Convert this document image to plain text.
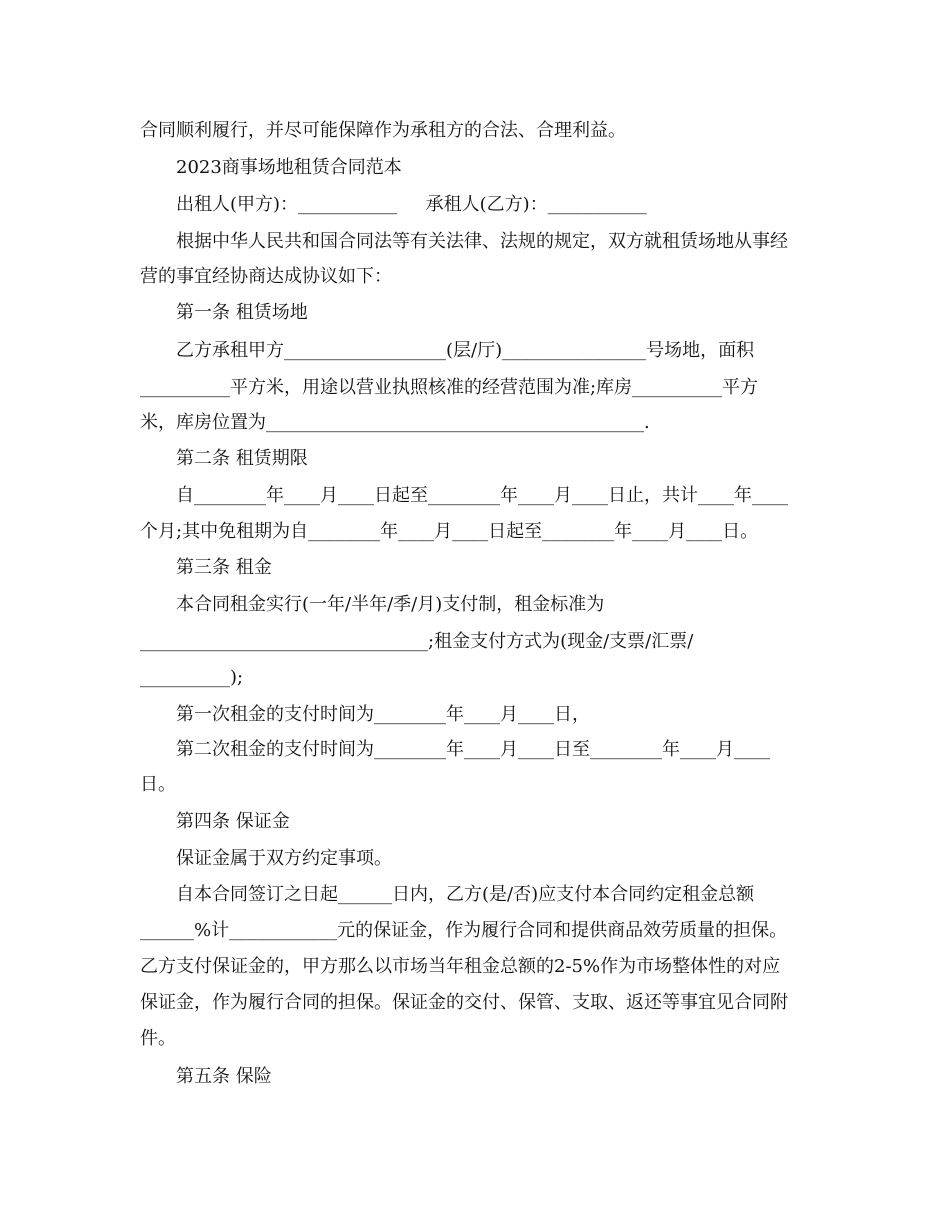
合同顺利履行，并尽可能保障作为承租方的合法、合理利益。
2023商事场地租赁合同范本
出租人(甲方)：___________     承租人(乙方)：___________
根据中华人民共和国合同法等有关法律、法规的规定，双方就租赁场地从事经
营的事宜经协商达成协议如下：
第一条 租赁场地
乙方承租甲方__________________(层/厅)________________号场地，面积
__________平方米，用途以营业执照核准的经营范围为准;库房__________平方
米，库房位置为__________________________________________.
第二条 租赁期限
自________年____月____日起至________年____月____日止，共计____年____
个月;其中免租期为自________年____月____日起至________年____月____日。
第三条 租金
本合同租金实行(一年/半年/季/月)支付制，租金标准为
________________________________;租金支付方式为(现金/支票/汇票/
__________);
第一次租金的支付时间为________年____月____日，
第二次租金的支付时间为________年____月____日至________年____月____
日。
第四条 保证金
保证金属于双方约定事项。
自本合同签订之日起______日内，乙方(是/否)应支付本合同约定租金总额
______%计____________元的保证金，作为履行合同和提供商品效劳质量的担保。
乙方支付保证金的，甲方那么以市场当年租金总额的2-5%作为市场整体性的对应
保证金，作为履行合同的担保。保证金的交付、保管、支取、返还等事宜见合同附
件。
第五条 保险
